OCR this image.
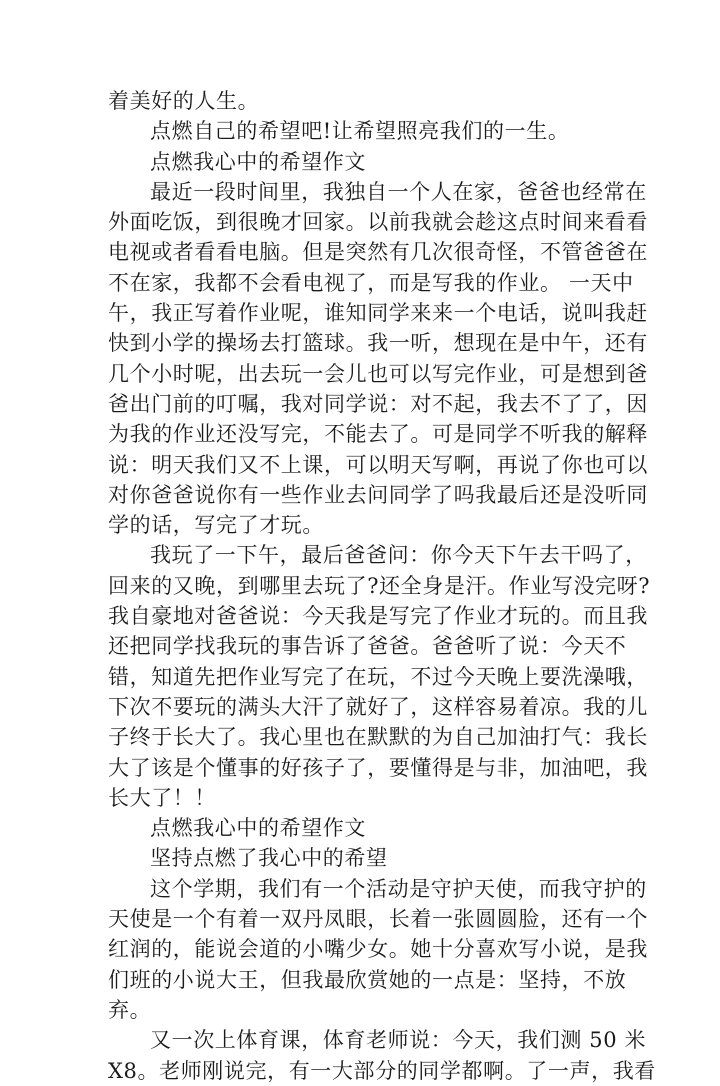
着美好的人生。
点燃自己的希望吧!让希望照亮我们的一生。
点燃我心中的希望作文
最近一段时间里，我独自一个人在家，爸爸也经常在
外面吃饭，到很晚才回家。以前我就会趁这点时间来看看
电视或者看看电脑。但是突然有几次很奇怪，不管爸爸在
不在家，我都不会看电视了，而是写我的作业。 一天中
午，我正写着作业呢，谁知同学来来一个电话，说叫我赶
快到小学的操场去打篮球。我一听，想现在是中午，还有
几个小时呢，出去玩一会儿也可以写完作业，可是想到爸
爸出门前的叮嘱，我对同学说：对不起，我去不了了，因
为我的作业还没写完，不能去了。可是同学不听我的解释
说：明天我们又不上课，可以明天写啊，再说了你也可以
对你爸爸说你有一些作业去问同学了吗我最后还是没听同
学的话，写完了才玩。
我玩了一下午，最后爸爸问：你今天下午去干吗了，
回来的又晚，到哪里去玩了?还全身是汗。作业写没完呀?
我自豪地对爸爸说：今天我是写完了作业才玩的。而且我
还把同学找我玩的事告诉了爸爸。爸爸听了说：今天不
错，知道先把作业写完了在玩，不过今天晚上要洗澡哦，
下次不要玩的满头大汗了就好了，这样容易着凉。我的儿
子终于长大了。我心里也在默默的为自己加油打气：我长
大了该是个懂事的好孩子了，要懂得是与非，加油吧，我
长大了！！
点燃我心中的希望作文
坚持点燃了我心中的希望
这个学期，我们有一个活动是守护天使，而我守护的
天使是一个有着一双丹凤眼，长着一张圆圆脸，还有一个
红润的，能说会道的小嘴少女。她十分喜欢写小说，是我
们班的小说大王，但我最欣赏她的一点是：坚持，不放
弃。
又一次上体育课，体育老师说：今天，我们测 50 米
X8。老师刚说完，有一大部分的同学都啊。了一声，我看
